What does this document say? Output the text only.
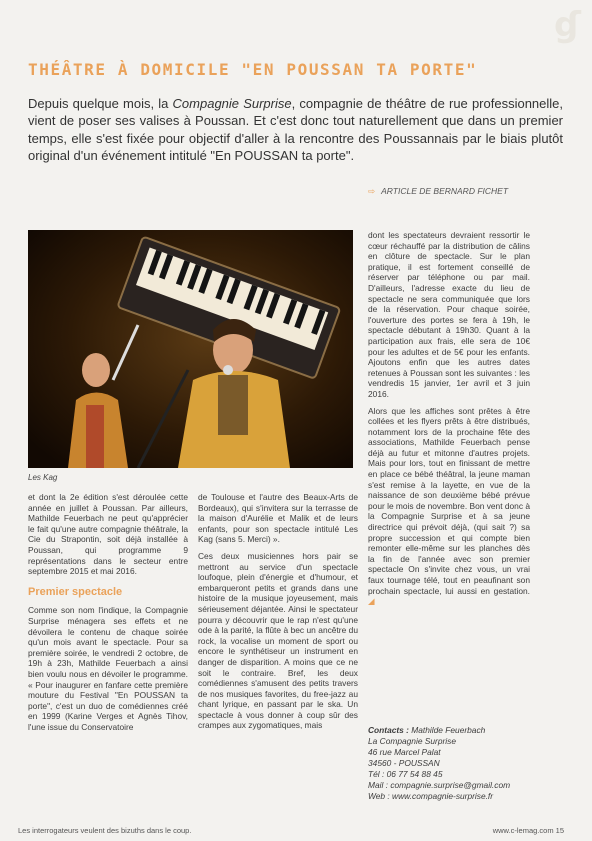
ɠ
THÉÂTRE À DOMICILE "EN POUSSAN TA PORTE"
Depuis quelque mois, la Compagnie Surprise, compagnie de théâtre de rue professionnelle, vient de poser ses valises à Poussan. Et c'est donc tout naturellement que dans un premier temps, elle s'est fixée pour objectif d'aller à la rencontre des Poussannais par le biais plutôt original d'un événement intitulé "En POUSSAN ta porte".
⇨ ARTICLE DE BERNARD FICHET
Les Kag

et dont la 2e édition s'est déroulée cette année en juillet à Poussan. Par ailleurs, Mathilde Feuerbach ne peut qu'apprécier le fait qu'une autre compagnie théâtrale, la Cie du Strapontin, soit déjà installée à Poussan, qui programme 9 représentations dans le secteur entre septembre 2015 et mai 2016.

Premier spectacle

Comme son nom l'indique, la Compagnie Surprise ménagera ses effets et ne dévoilera le contenu de chaque soirée qu'un mois avant le spectacle. Pour sa première soirée, le vendredi 2 octobre, de 19h à 23h, Mathilde Feuerbach a ainsi bien voulu nous en dévoiler le programme. « Pour inaugurer en fanfare cette première mouture du Festival "En POUSSAN ta porte", c'est un duo de comédiennes créé en 1999 (Karine Verges et Agnès Tihov, l'une issue du Conservatoire

de Toulouse et l'autre des Beaux-Arts de Bordeaux), qui s'invitera sur la terrasse de la maison d'Aurélie et Malik et de leurs enfants, pour son spectacle intitulé Les Kag (sans 5. Merci) ».

Ces deux musiciennes hors pair se mettront au service d'un spectacle loufoque, plein d'énergie et d'humour, et embarqueront petits et grands dans une histoire de la musique joyeusement, mais sérieusement déjantée. Ainsi le spectateur pourra y découvrir que le rap n'est qu'une ode à la parité, la flûte à bec un ancêtre du rock, la vocalise un moment de sport ou encore le synthétiseur un instrument en danger de disparition. A moins que ce ne soit le contraire. Bref, les deux comédiennes s'amusent des petits travers de nos musiques favorites, du free-jazz au chant lyrique, en passant par le ska. Un spectacle à vous donner à coup sûr des crampes aux zygomatiques, mais

dont les spectateurs devraient ressortir le cœur réchauffé par la distribution de câlins en clôture de spectacle. Sur le plan pratique, il est fortement conseillé de réserver par téléphone ou par mail. D'ailleurs, l'adresse exacte du lieu de spectacle ne sera communiquée que lors de la réservation. Pour chaque soirée, l'ouverture des portes se fera à 19h, le spectacle débutant à 19h30. Quant à la participation aux frais, elle sera de 10€ pour les adultes et de 5€ pour les enfants. Ajoutons enfin que les autres dates retenues à Poussan sont les suivantes : les vendredis 15 janvier, 1er avril et 3 juin 2016.

Alors que les affiches sont prêtes à être collées et les flyers prêts à être distribués, notamment lors de la prochaine fête des associations, Mathilde Feuerbach pense déjà au futur et mitonne d'autres projets. Mais pour lors, tout en finissant de mettre en place ce bébé théâtral, la jeune maman s'est remise à la layette, en vue de la naissance de son deuxième bébé prévue pour le mois de novembre. Bon vent donc à la Compagnie Surprise et à sa jeune directrice qui prévoit déjà, (qui sait ?) sa propre succession et qui compte bien remonter elle-même sur les planches dès la fin de l'année avec son premier spectacle On s'invite chez vous, un vrai faux tournage télé, tout en peaufinant son prochain spectacle, lui aussi en gestation. ◢

Contacts : Mathilde Feuerbach
La Compagnie Surprise
46 rue Marcel Palat
34560 - POUSSAN
Tél : 06 77 54 88 45
Mail : compagnie.surprise@gmail.com
Web : www.compagnie-surprise.fr
Les interrogateurs veulent des bizuths dans le coup.	www.c-lemag.com 15
